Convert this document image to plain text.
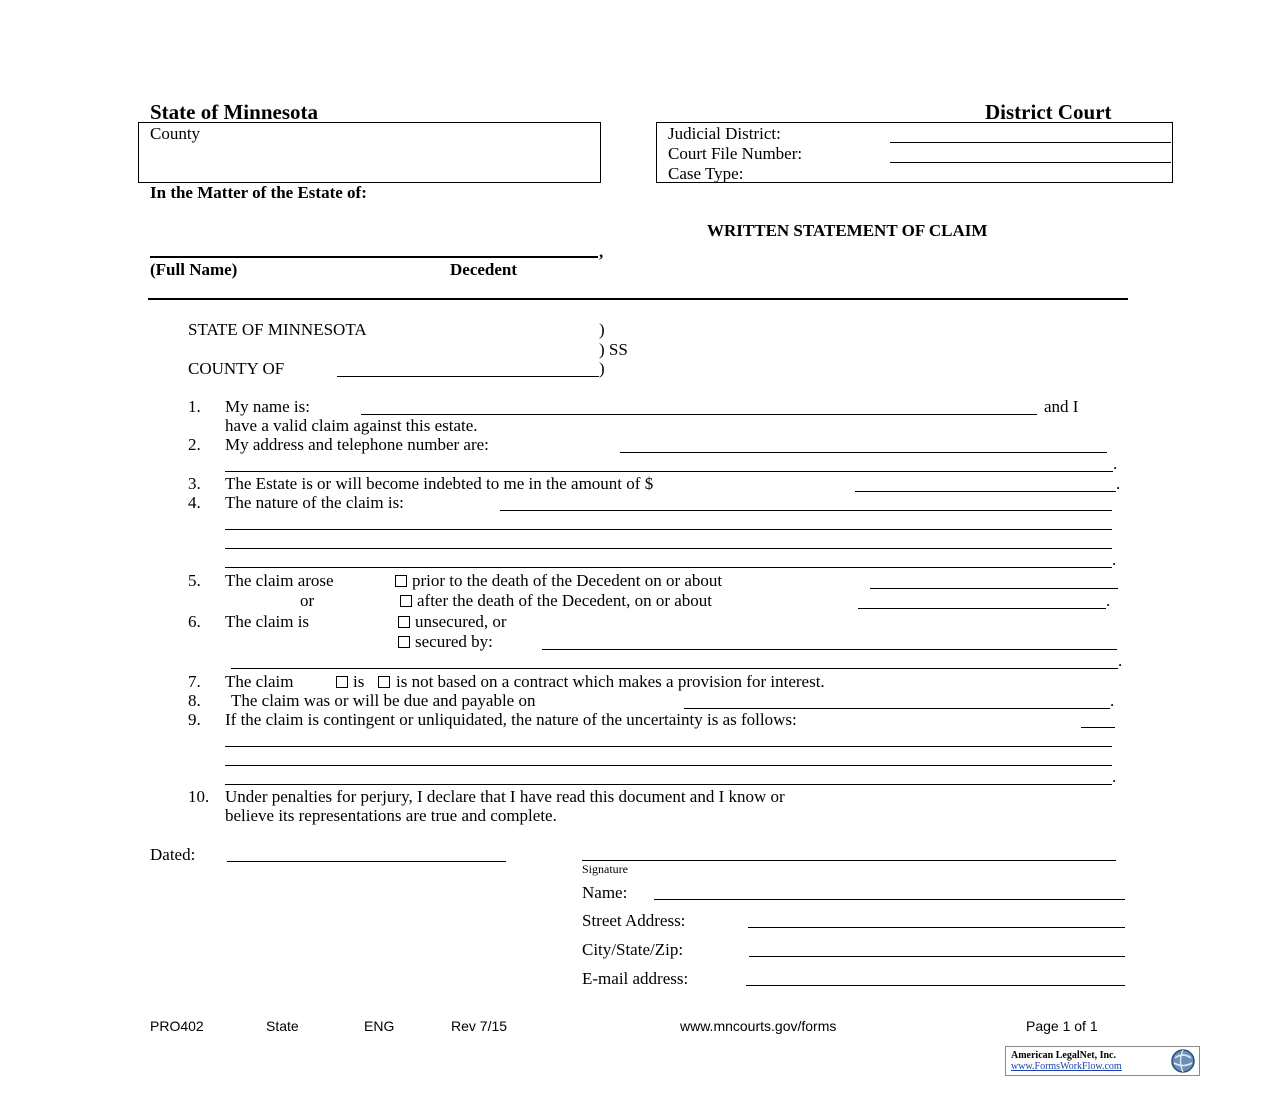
State of Minnesota	District Court
County	Judicial District:
Court File Number:
Case Type:
In the Matter of the Estate of:
WRITTEN STATEMENT OF CLAIM
,
(Full Name)	Decedent
STATE OF MINNESOTA	)
) SS
COUNTY OF	)
1. My name is:	and I
have a valid claim against this estate.
2. My address and telephone number are:
.
3. The Estate is or will become indebted to me in the amount of $	.
4. The nature of the claim is:
.
5. The claim arose	prior to the death of the Decedent on or about
or	after the death of the Decedent, on or about	.
6. The claim is	unsecured, or
secured by:
.
7. The claim	is is not based on a contract which makes a provision for interest.
8. The claim was or will be due and payable on	.
9. If the claim is contingent or unliquidated, the nature of the uncertainty is as follows:
.
10. Under penalties for perjury, I declare that I have read this document and I know or
believe its representations are true and complete.
Dated:
Signature
Name:
Street Address:
City/State/Zip:
E-mail address:
PRO402	State	ENG	Rev 7/15	www.mncourts.gov/forms	Page 1 of 1
American LegalNet, Inc.
www.FormsWorkFlow.com
